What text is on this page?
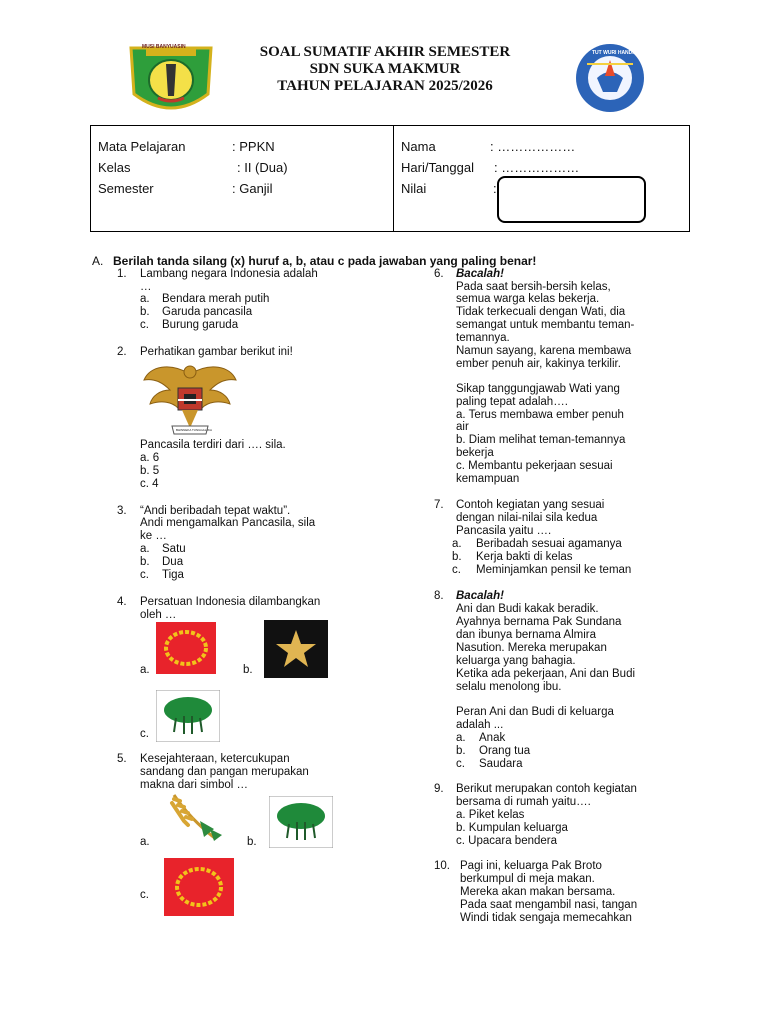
MUSI BANYUASIN
TUT WURI HANDAYANI
SOAL SUMATIF AKHIR SEMESTER
SDN SUKA MAKMUR
TAHUN PELAJARAN 2025/2026
Mata Pelajaran	: PPKN
Kelas	: II (Dua)
Semester	: Ganjil
Nama	: ………………
Hari/Tanggal : ………………
Nilai	:
A. Berilah tanda silang (x) huruf a, b, atau c pada jawaban yang paling benar!
1. Lambang negara Indonesia adalah
…
a. Bendara merah putih
b. Garuda pancasila
c. Burung garuda
2. Perhatikan gambar berikut ini!
BHINNEKA TUNGGAL IKA
Pancasila terdiri dari …. sila.
a. 6
b. 5
c. 4
3. “Andi beribadah tepat waktu”.
Andi mengamalkan Pancasila, sila
ke …
a. Satu
b. Dua
c. Tiga
4. Persatuan Indonesia dilambangkan
oleh …
a.	b.
c.
5. Kesejahteraan, ketercukupan
sandang dan pangan merupakan
makna dari simbol …
a.	b.
c.
6. Bacalah!
Pada saat bersih-bersih kelas,
semua warga kelas bekerja.
Tidak terkecuali dengan Wati, dia
semangat untuk membantu teman-
temannya.
Namun sayang, karena membawa
ember penuh air, kakinya terkilir.
Sikap tanggungjawab Wati yang
paling tepat adalah….
a. Terus membawa ember penuh
air
b. Diam melihat teman-temannya
bekerja
c. Membantu pekerjaan sesuai
kemampuan
7. Contoh kegiatan yang sesuai
dengan nilai-nilai sila kedua
Pancasila yaitu ….
a. Beribadah sesuai agamanya
b. Kerja bakti di kelas
c. Meminjamkan pensil ke teman
8. Bacalah!
Ani dan Budi kakak beradik.
Ayahnya bernama Pak Sundana
dan ibunya bernama Almira
Nasution. Mereka merupakan
keluarga yang bahagia.
Ketika ada pekerjaan, Ani dan Budi
selalu menolong ibu.
Peran Ani dan Budi di keluarga
adalah ...
a. Anak
b. Orang tua
c. Saudara
9. Berikut merupakan contoh kegiatan
bersama di rumah yaitu….
a. Piket kelas
b. Kumpulan keluarga
c. Upacara bendera
10. Pagi ini, keluarga Pak Broto
berkumpul di meja makan.
Mereka akan makan bersama.
Pada saat mengambil nasi, tangan
Windi tidak sengaja memecahkan
